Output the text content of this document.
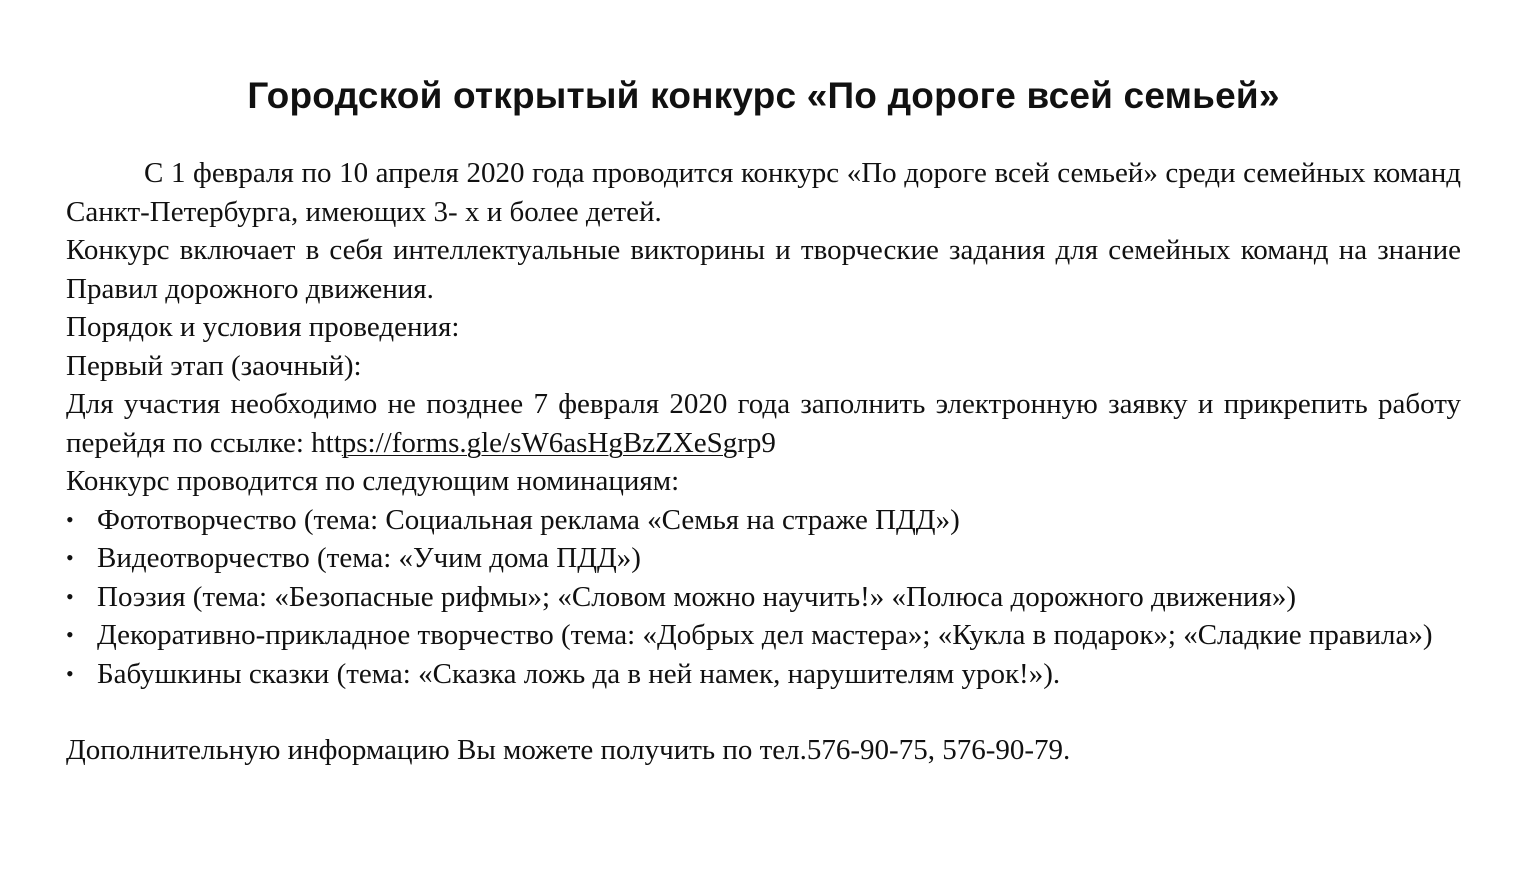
Городской открытый конкурс «По дороге всей семьей»

С 1 февраля по 10 апреля 2020 года проводится конкурс «По дороге всей семьей» среди семейных команд Санкт-Петербурга, имеющих 3- х и более детей.

Конкурс включает в себя интеллектуальные викторины и творческие задания для семейных команд на знание Правил дорожного движения.

Порядок и условия проведения:

Первый этап (заочный):

Для участия необходимо не позднее 7 февраля 2020 года заполнить электронную заявку и прикрепить работу перейдя по ссылке: https://forms.gle/sW6asHgBzZXeSgrp9

Конкурс проводится по следующим номинациям:

• Фототворчество (тема: Социальная реклама «Семья на страже ПДД»)
• Видеотворчество (тема: «Учим дома ПДД»)
• Поэзия (тема: «Безопасные рифмы»; «Словом можно научить!» «Полюса дорожного движения»)
• Декоративно-прикладное творчество (тема: «Добрых дел мастера»; «Кукла в подарок»; «Сладкие правила»)
• Бабушкины сказки (тема: «Сказка ложь да в ней намек, нарушителям урок!»).

Дополнительную информацию Вы можете получить по тел.576-90-75, 576-90-79.
